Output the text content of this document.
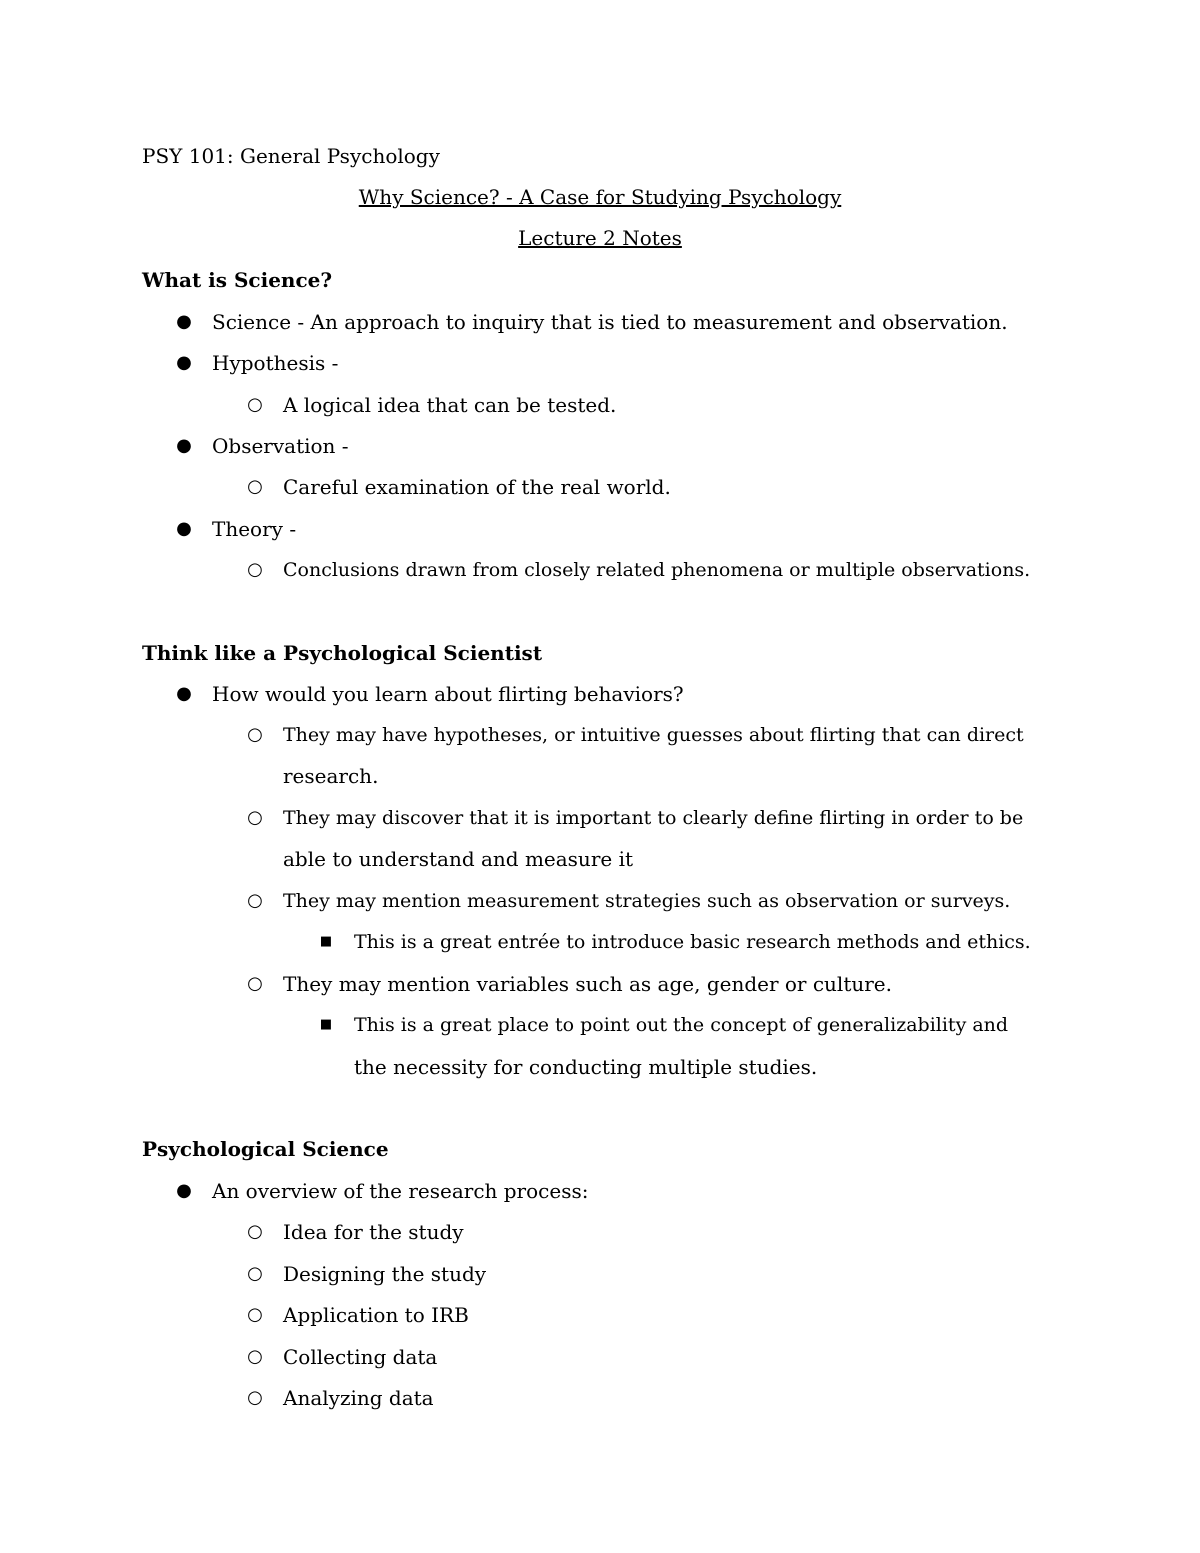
PSY 101: General Psychology
Why Science? - A Case for Studying Psychology
Lecture 2 Notes
What is Science?
● Science - An approach to inquiry that is tied to measurement and observation.
● Hypothesis -
○ A logical idea that can be tested.
● Observation -
○ Careful examination of the real world.
● Theory -
○ Conclusions drawn from closely related phenomena or multiple observations.
Think like a Psychological Scientist
● How would you learn about flirting behaviors?
○ They may have hypotheses, or intuitive guesses about flirting that can direct
research.
○ They may discover that it is important to clearly define flirting in order to be
able to understand and measure it
○ They may mention measurement strategies such as observation or surveys.
■	This is a great entrée to introduce basic research methods and ethics.
○ They may mention variables such as age, gender or culture.
■	This is a great place to point out the concept of generalizability and
the necessity for conducting multiple studies.
Psychological Science
● An overview of the research process:
○ Idea for the study
○ Designing the study
○ Application to IRB
○ Collecting data
○ Analyzing data
